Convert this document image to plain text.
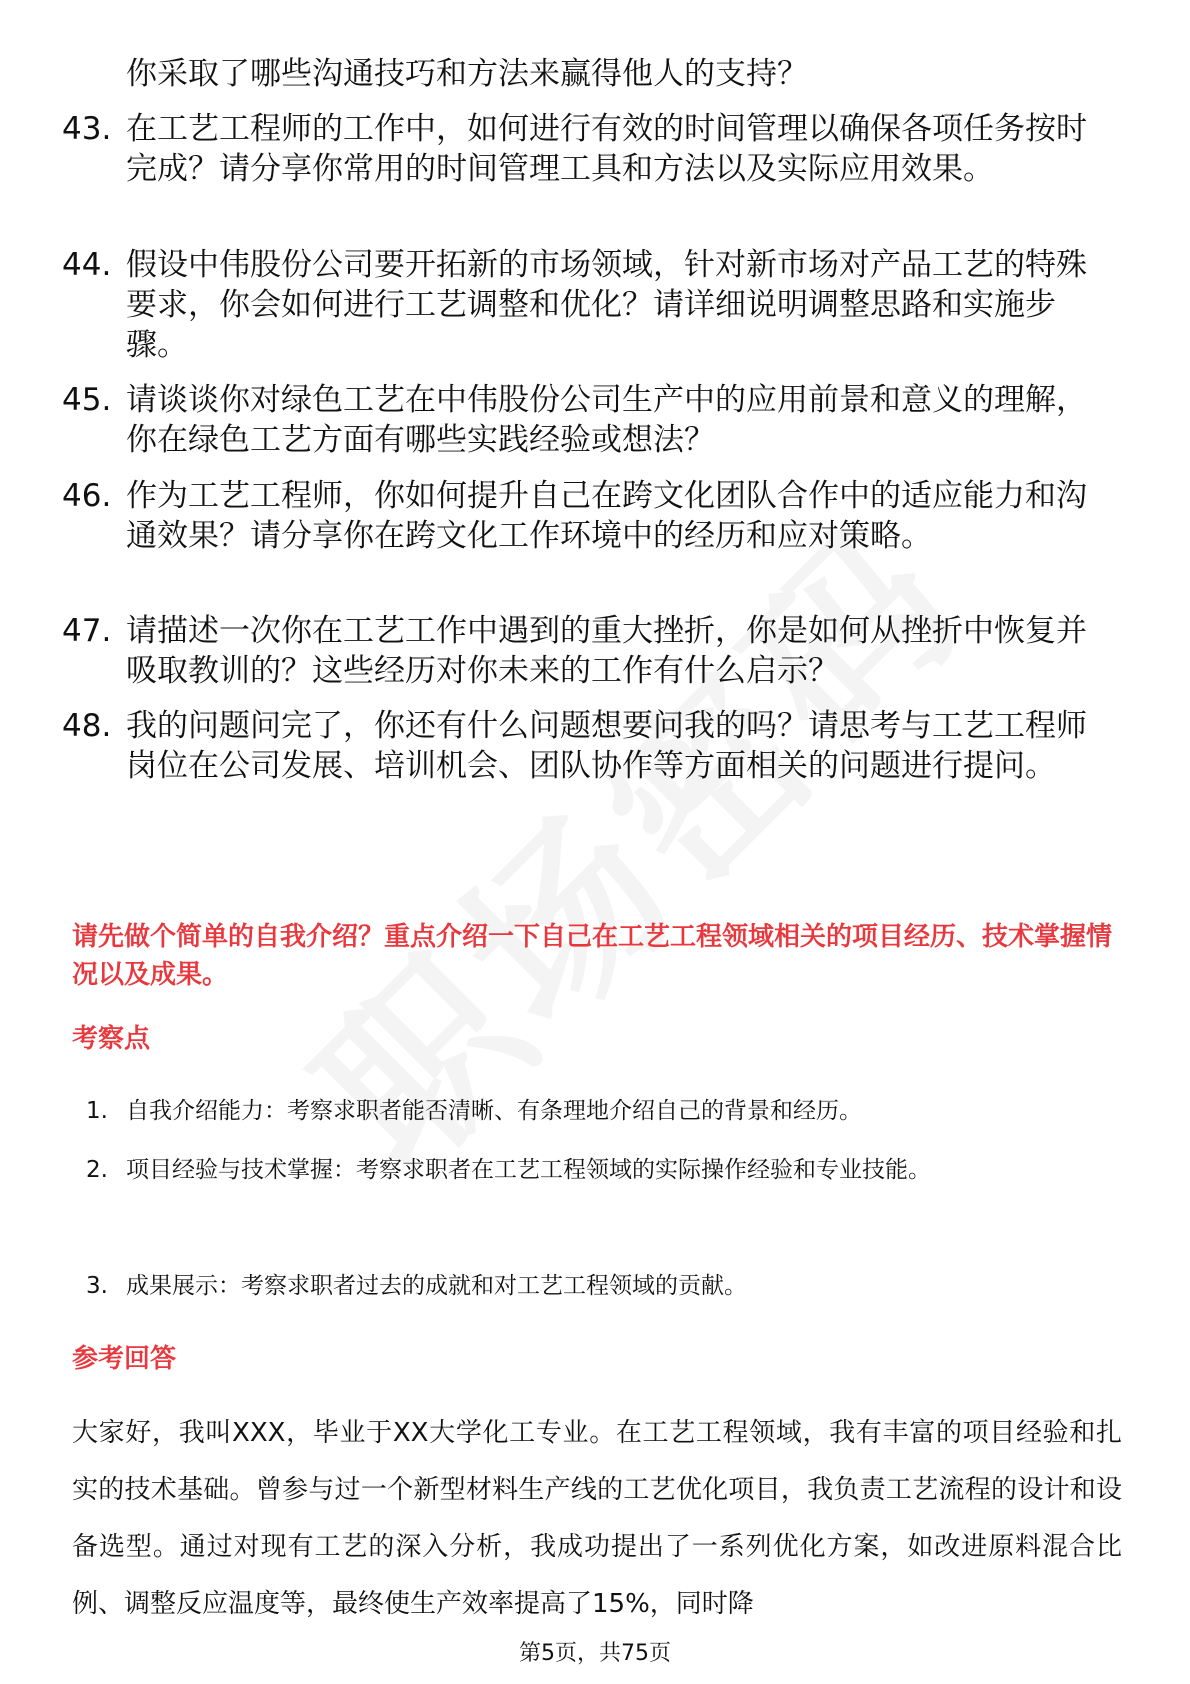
你采取了哪些沟通技巧和方法来赢得他人的支持？
43. 在工艺工程师的工作中，如何进行有效的时间管理以确保各项任务按时完成？请分享你常用的时间管理工具和方法以及实际应用效果。
44. 假设中伟股份公司要开拓新的市场领域，针对新市场对产品工艺的特殊要求，你会如何进行工艺调整和优化？请详细说明调整思路和实施步骤。
45. 请谈谈你对绿色工艺在中伟股份公司生产中的应用前景和意义的理解，你在绿色工艺方面有哪些实践经验或想法？
46. 作为工艺工程师，你如何提升自己在跨文化团队合作中的适应能力和沟通效果？请分享你在跨文化工作环境中的经历和应对策略。
47. 请描述一次你在工艺工作中遇到的重大挫折，你是如何从挫折中恢复并吸取教训的？这些经历对你未来的工作有什么启示？
48. 我的问题问完了，你还有什么问题想要问我的吗？请思考与工艺工程师岗位在公司发展、培训机会、团队协作等方面相关的问题进行提问。
请先做个简单的自我介绍？重点介绍一下自己在工艺工程领域相关的项目经历、技术掌握情况以及成果。
考察点
1. 自我介绍能力：考察求职者能否清晰、有条理地介绍自己的背景和经历。
2. 项目经验与技术掌握：考察求职者在工艺工程领域的实际操作经验和专业技能。
3. 成果展示：考察求职者过去的成就和对工艺工程领域的贡献。
参考回答
大家好，我叫XXX，毕业于XX大学化工专业。在工艺工程领域，我有丰富的项目经验和扎实的技术基础。曾参与过一个新型材料生产线的工艺优化项目，我负责工艺流程的设计和设备选型。通过对现有工艺的深入分析，我成功提出了一系列优化方案，如改进原料混合比例、调整反应温度等，最终使生产效率提高了15%，同时降
第5页，共75页
